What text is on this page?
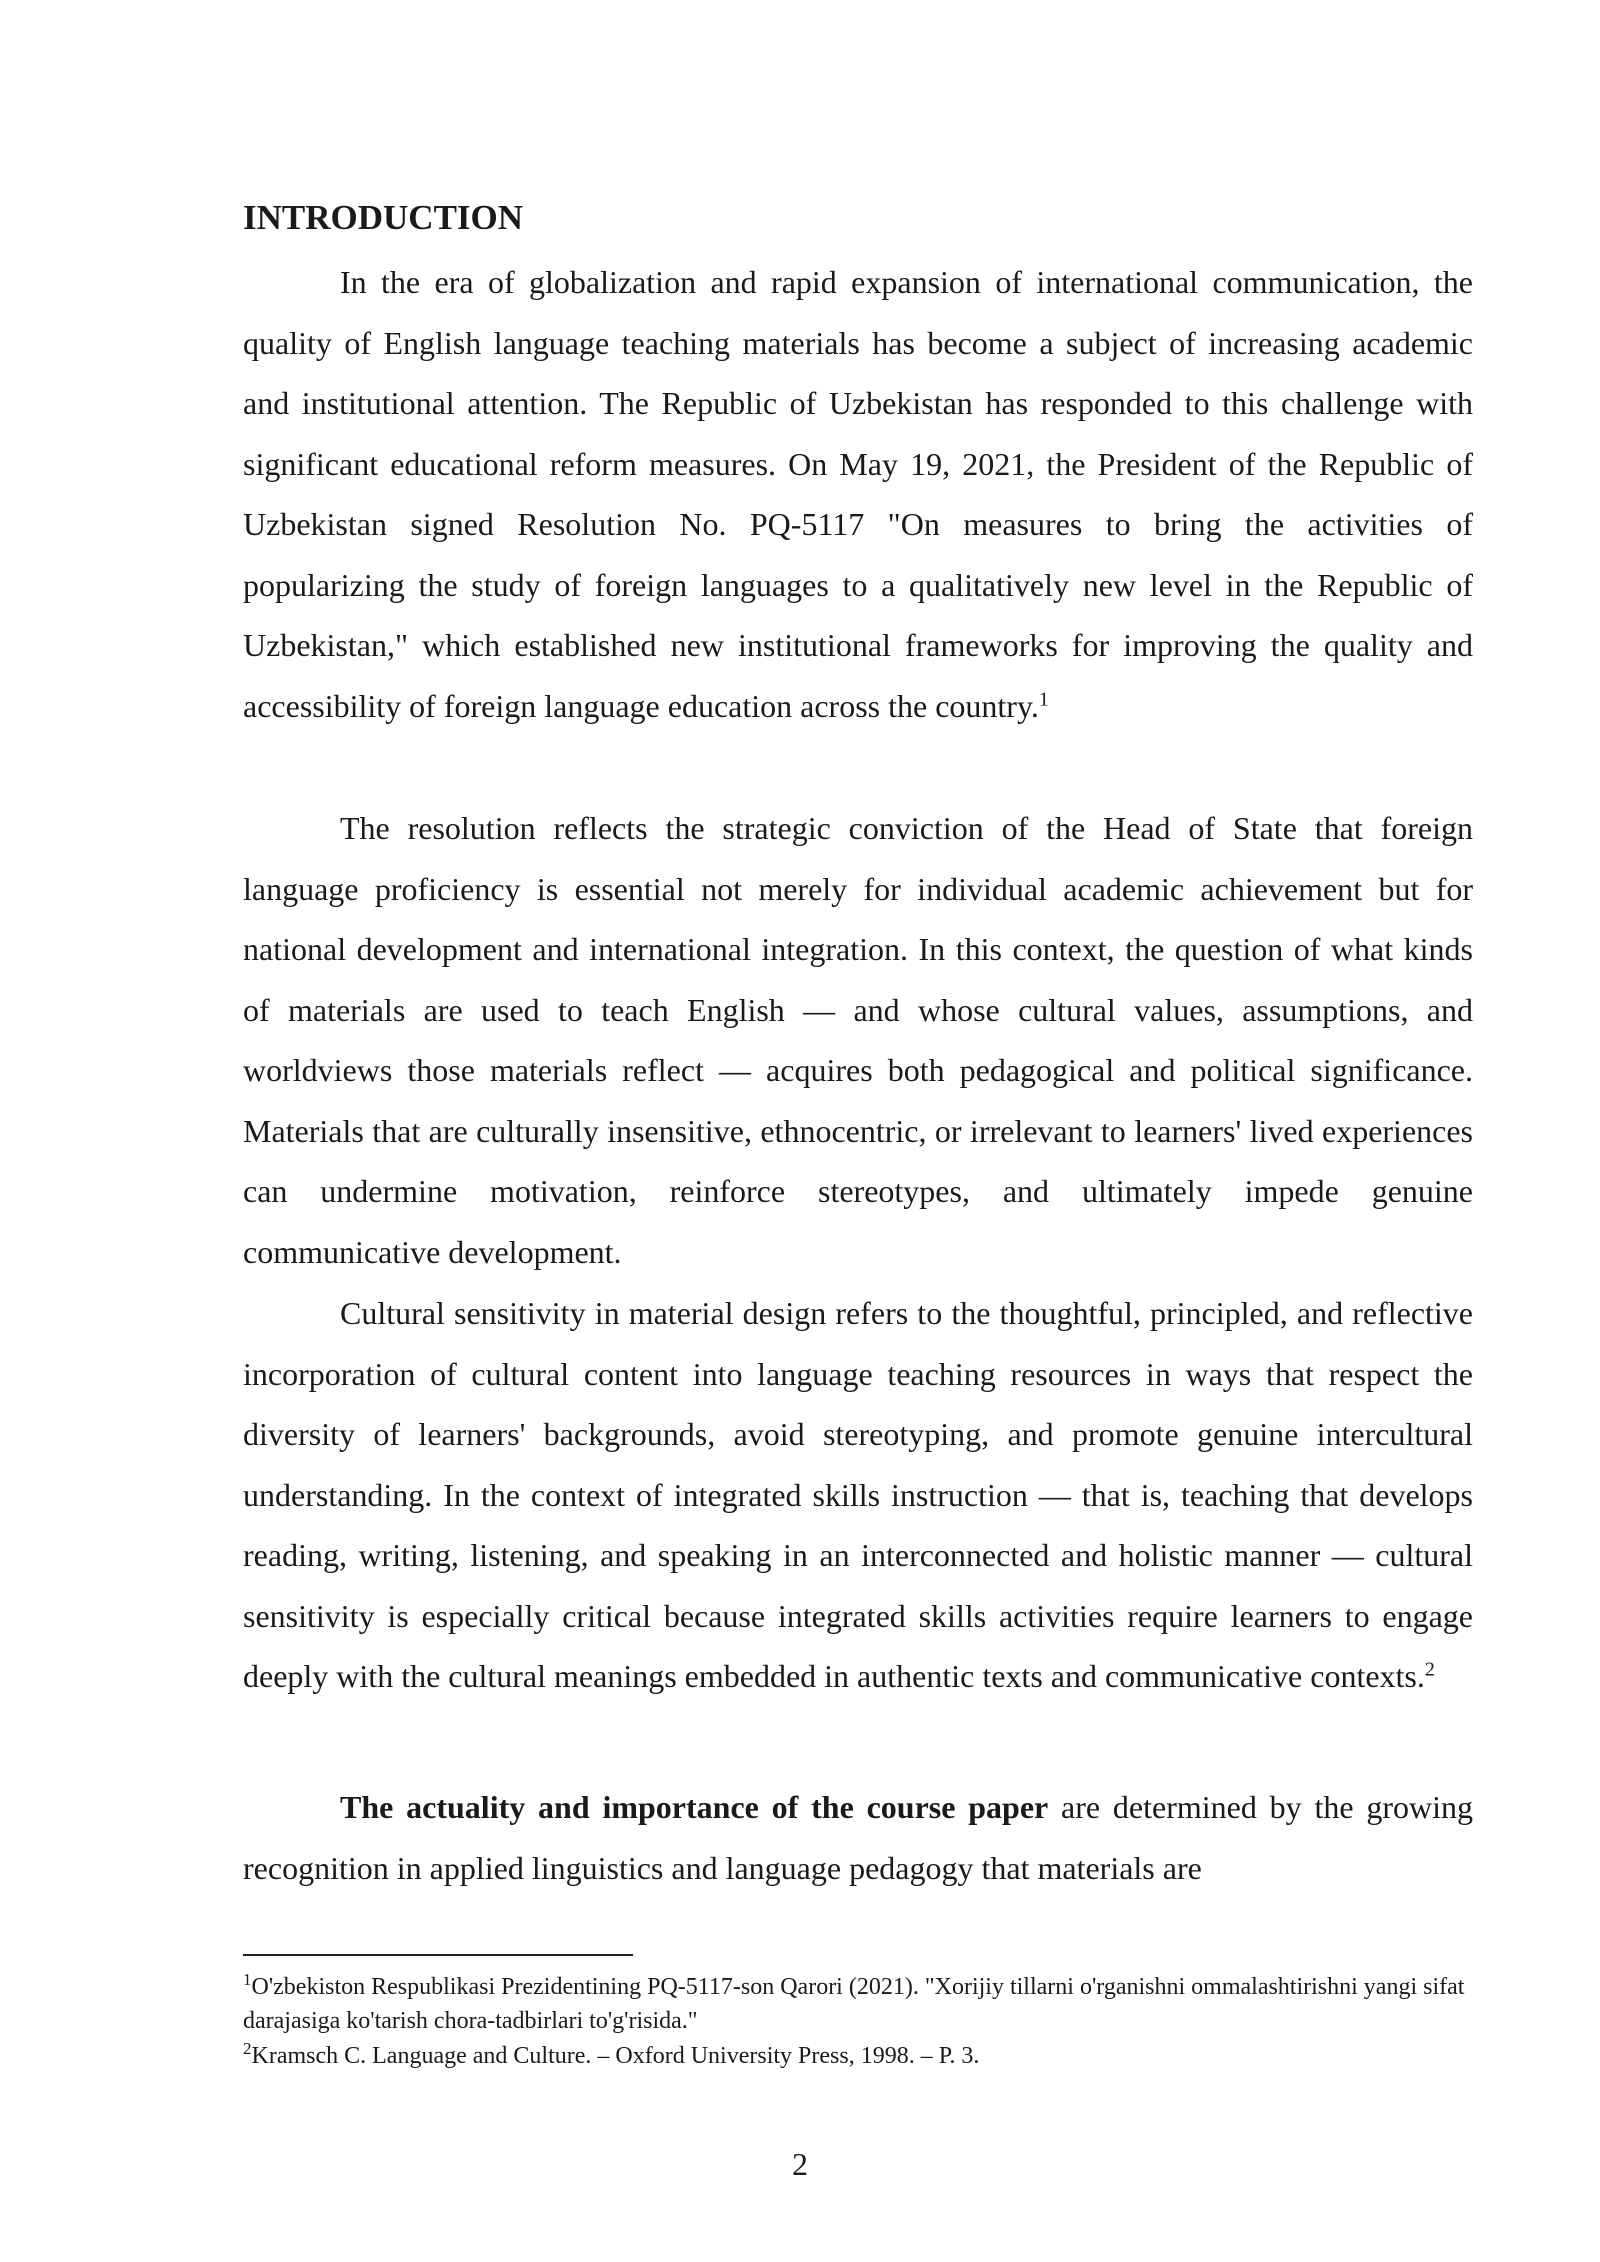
INTRODUCTION

In the era of globalization and rapid expansion of international communication, the quality of English language teaching materials has become a subject of increasing academic and institutional attention. The Republic of Uzbekistan has responded to this challenge with significant educational reform measures. On May 19, 2021, the President of the Republic of Uzbekistan signed Resolution No. PQ-5117 "On measures to bring the activities of popularizing the study of foreign languages to a qualitatively new level in the Republic of Uzbekistan," which established new institutional frameworks for improving the quality and accessibility of foreign language education across the country.$^1$

The resolution reflects the strategic conviction of the Head of State that foreign language proficiency is essential not merely for individual academic achievement but for national development and international integration. In this context, the question of what kinds of materials are used to teach English — and whose cultural values, assumptions, and worldviews those materials reflect — acquires both pedagogical and political significance. Materials that are culturally insensitive, ethnocentric, or irrelevant to learners' lived experiences can undermine motivation, reinforce stereotypes, and ultimately impede genuine communicative development.

Cultural sensitivity in material design refers to the thoughtful, principled, and reflective incorporation of cultural content into language teaching resources in ways that respect the diversity of learners' backgrounds, avoid stereotyping, and promote genuine intercultural understanding. In the context of integrated skills instruction — that is, teaching that develops reading, writing, listening, and speaking in an interconnected and holistic manner — cultural sensitivity is especially critical because integrated skills activities require learners to engage deeply with the cultural meanings embedded in authentic texts and communicative contexts.$^2$

The actuality and importance of the course paper are determined by the growing recognition in applied linguistics and language pedagogy that materials are

$^1$O'zbekiston Respublikasi Prezidentining PQ-5117-son Qarori (2021). "Xorijiy tillarni o'rganishni ommalashtirishni yangi sifat darajasiga ko'tarish chora-tadbirlari to'g'risida."

$^2$Kramsch C. Language and Culture. – Oxford University Press, 1998. – P. 3.

2
